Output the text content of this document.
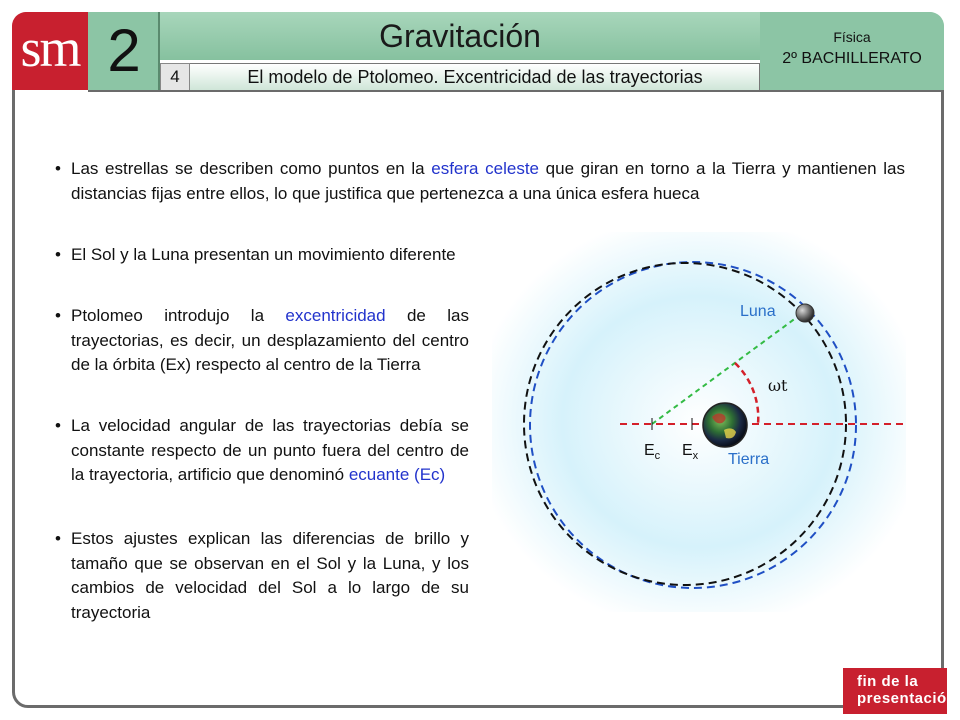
sm 2	Gravitación
4	El modelo de Ptolomeo. Excentricidad de las trayectorias
Física
2º BACHILLERATO
• Las estrellas se describen como puntos en la esfera celeste que giran en torno a la Tierra y mantienen las distancias fijas entre ellos, lo que justifica que pertenezca a una única esfera hueca
• El Sol y la Luna presentan un movimiento diferente
• Ptolomeo introdujo la excentricidad de las trayectorias, es decir, un desplazamiento del centro de la órbita (Ex) respecto al centro de la Tierra
• La velocidad angular de las trayectorias debía se constante respecto de un punto fuera del centro de la trayectoria, artificio que denominó ecuante (Ec)
• Estos ajustes explican las diferencias de brillo y tamaño que se observan en el Sol y la Luna, y los cambios de velocidad del Sol a lo largo de su trayectoria
Luna
ωt
$E_c$ $E_x$ Tierra
fin de la
presentación
